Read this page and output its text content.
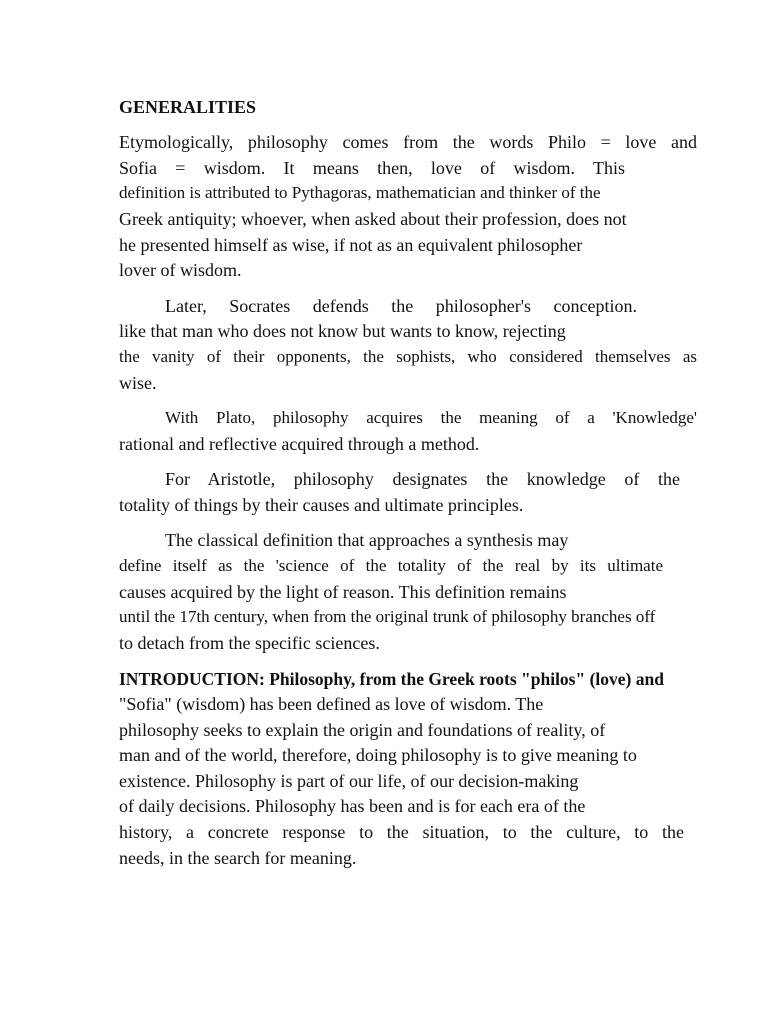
GENERALITIES
Etymologically, philosophy comes from the words Philo = love and
Sofia = wisdom. It means then, love of wisdom. This
definition is attributed to Pythagoras, mathematician and thinker of the
Greek antiquity; whoever, when asked about their profession, does not
he presented himself as wise, if not as an equivalent philosopher
lover of wisdom.
Later, Socrates defends the philosopher's conception.
like that man who does not know but wants to know, rejecting
the vanity of their opponents, the sophists, who considered themselves as
wise.
With Plato, philosophy acquires the meaning of a 'Knowledge'
rational and reflective acquired through a method.
For Aristotle, philosophy designates the knowledge of the
totality of things by their causes and ultimate principles.
The classical definition that approaches a synthesis may
define itself as the 'science of the totality of the real by its ultimate
causes acquired by the light of reason. This definition remains
until the 17th century, when from the original trunk of philosophy branches off
to detach from the specific sciences.
INTRODUCTION: Philosophy, from the Greek roots "philos" (love) and
"Sofia" (wisdom) has been defined as love of wisdom. The
philosophy seeks to explain the origin and foundations of reality, of
man and of the world, therefore, doing philosophy is to give meaning to
existence. Philosophy is part of our life, of our decision-making
of daily decisions. Philosophy has been and is for each era of the
history, a concrete response to the situation, to the culture, to the
needs, in the search for meaning.
